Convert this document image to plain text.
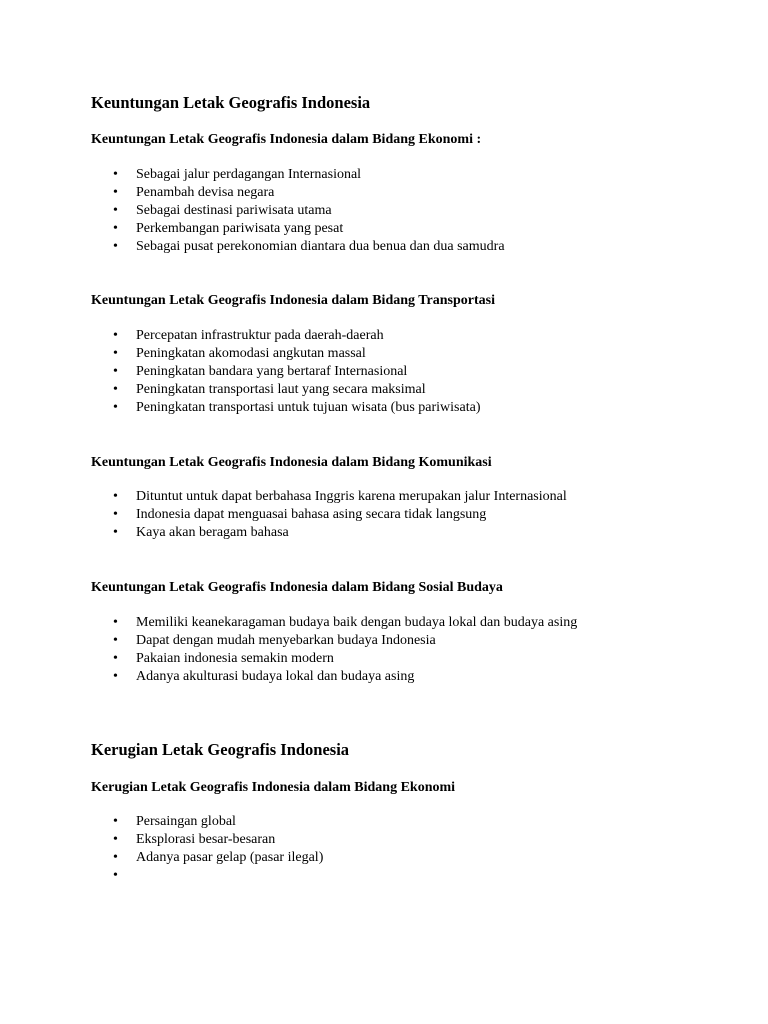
Keuntungan Letak Geografis Indonesia
Keuntungan Letak Geografis Indonesia dalam Bidang Ekonomi :
• Sebagai jalur perdagangan Internasional
• Penambah devisa negara
• Sebagai destinasi pariwisata utama
• Perkembangan pariwisata yang pesat
• Sebagai pusat perekonomian diantara dua benua dan dua samudra
Keuntungan Letak Geografis Indonesia dalam Bidang Transportasi
• Percepatan infrastruktur pada daerah-daerah
• Peningkatan akomodasi angkutan massal
• Peningkatan bandara yang bertaraf Internasional
• Peningkatan transportasi laut yang secara maksimal
• Peningkatan transportasi untuk tujuan wisata (bus pariwisata)
Keuntungan Letak Geografis Indonesia dalam Bidang Komunikasi
• Dituntut untuk dapat berbahasa Inggris karena merupakan jalur Internasional
• Indonesia dapat menguasai bahasa asing secara tidak langsung
• Kaya akan beragam bahasa
Keuntungan Letak Geografis Indonesia dalam Bidang Sosial Budaya
• Memiliki keanekaragaman budaya baik dengan budaya lokal dan budaya asing
• Dapat dengan mudah menyebarkan budaya Indonesia
• Pakaian indonesia semakin modern
• Adanya akulturasi budaya lokal dan budaya asing
Kerugian Letak Geografis Indonesia
Kerugian Letak Geografis Indonesia dalam Bidang Ekonomi
• Persaingan global
• Eksplorasi besar-besaran
• Adanya pasar gelap (pasar ilegal)
•
